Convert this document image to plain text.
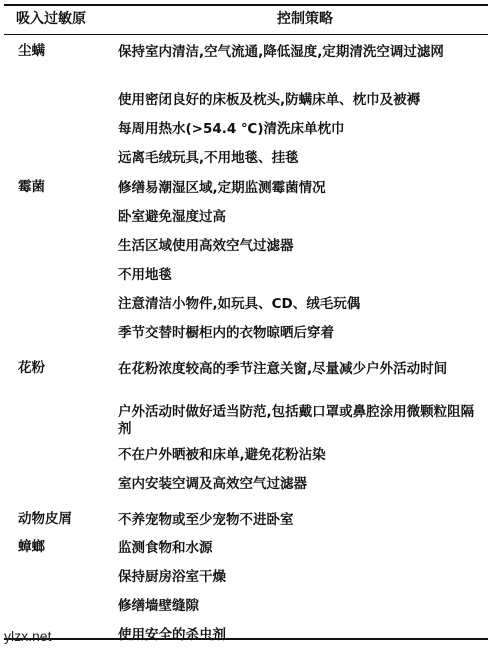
吸入过敏原	控制策略
尘螨	保持室内清洁,空气流通,降低湿度,定期清洗空调过滤网
使用密闭良好的床板及枕头,防螨床单、枕巾及被褥
每周用热水(>54.4 ℃)清洗床单枕巾
远离毛绒玩具,不用地毯、挂毯
霉菌	修缮易潮湿区域,定期监测霉菌情况
卧室避免湿度过高
生活区域使用高效空气过滤器
不用地毯
注意清洁小物件,如玩具、CD、绒毛玩偶
季节交替时橱柜内的衣物晾晒后穿着
花粉	在花粉浓度较高的季节注意关窗,尽量减少户外活动时间
户外活动时做好适当防范,包括戴口罩或鼻腔涂用微颗粒阻隔剂
不在户外晒被和床单,避免花粉沾染
室内安装空调及高效空气过滤器
动物皮屑	不养宠物或至少宠物不进卧室
蟑螂	监测食物和水源
保持厨房浴室干燥
修缮墙壁缝隙
使用安全的杀虫剂
ylzx.net
